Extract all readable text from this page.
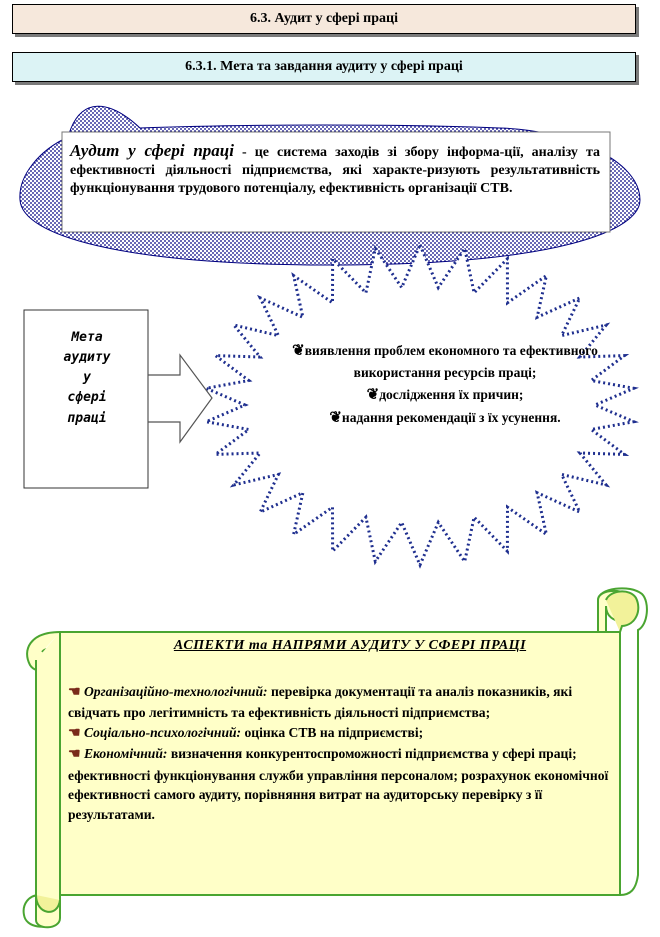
6.3. Аудит у сфері праці
6.3.1. Мета та завдання аудиту у сфері праці
Аудит у сфері праці - це система заходів зі збору інформа-ції, аналізу та ефективності діяльності підприємства, які характе-ризують результативність функціонування трудового потенціалу, ефективність організації СТВ.
Мета
аудиту
у
сфері
праці
❦виявлення проблем економного та ефективного використання ресурсів праці;
❦дослідження їх причин;
❦надання рекомендації з їх усунення.
АСПЕКТИ та НАПРЯМИ АУДИТУ У СФЕРІ ПРАЦІ
☚ Організаційно-технологічний: перевірка документації та аналіз показників, які свідчать про легітимність та ефективність діяльності підприємства;
☚ Соціально-психологічний: оцінка СТВ на підприємстві;
☚ Економічний: визначення конкурентоспроможності підприємства у сфері праці; ефективності функціонування служби управління персоналом; розрахунок економічної ефективності самого аудиту, порівняння витрат на аудиторську перевірку з її результатами.
